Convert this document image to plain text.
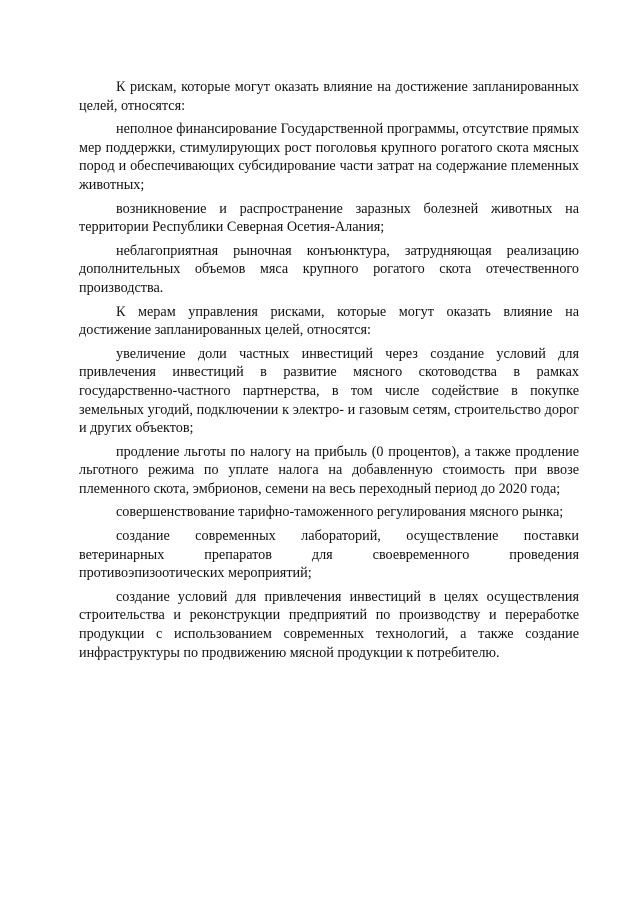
К рискам, которые могут оказать влияние на достижение запланированных целей, относятся:

неполное финансирование Государственной программы, отсутствие прямых мер поддержки, стимулирующих рост поголовья крупного рогатого скота мясных пород и обеспечивающих субсидирование части затрат на содержание племенных животных;

возникновение и распространение заразных болезней животных на территории Республики Северная Осетия-Алания;

неблагоприятная рыночная конъюнктура, затрудняющая реализацию дополнительных объемов мяса крупного рогатого скота отечественного производства.

К мерам управления рисками, которые могут оказать влияние на достижение запланированных целей, относятся:

увеличение доли частных инвестиций через создание условий для привлечения инвестиций в развитие мясного скотоводства в рамках государственно-частного партнерства, в том числе содействие в покупке земельных угодий, подключении к электро- и газовым сетям, строительство дорог и других объектов;

продление льготы по налогу на прибыль (0 процентов), а также продление льготного режима по уплате налога на добавленную стоимость при ввозе племенного скота, эмбрионов, семени на весь переходный период до 2020 года;

совершенствование тарифно-таможенного регулирования мясного рынка;

создание современных лабораторий, осуществление поставки ветеринарных препаратов для своевременного проведения противоэпизоотических мероприятий;

создание условий для привлечения инвестиций в целях осуществления строительства и реконструкции предприятий по производству и переработке продукции с использованием современных технологий, а также создание инфраструктуры по продвижению мясной продукции к потребителю.
